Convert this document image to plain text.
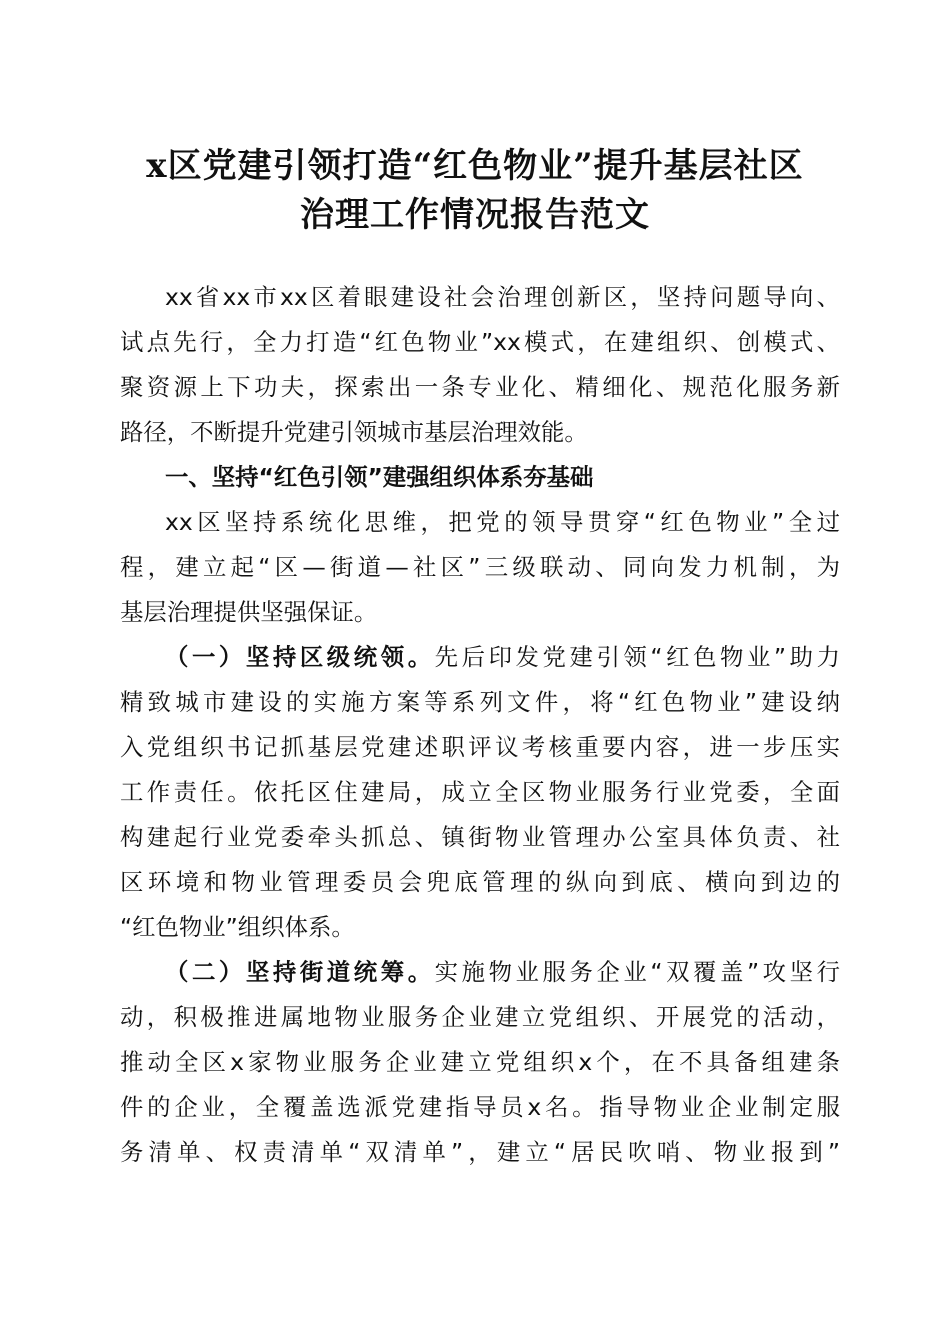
x区党建引领打造“红色物业”提升基层社区
治理工作情况报告范文
xx省xx市xx区着眼建设社会治理创新区，坚持问题导向、
试点先行，全力打造“红色物业”xx模式，在建组织、创模式、
聚资源上下功夫，探索出一条专业化、精细化、规范化服务新
路径，不断提升党建引领城市基层治理效能。
一、坚持“红色引领”建强组织体系夯基础
xx区坚持系统化思维，把党的领导贯穿“红色物业”全过
程，建立起“区—街道—社区”三级联动、同向发力机制，为
基层治理提供坚强保证。
（一）坚持区级统领。先后印发党建引领“红色物业”助力
精致城市建设的实施方案等系列文件，将“红色物业”建设纳
入党组织书记抓基层党建述职评议考核重要内容，进一步压实
工作责任。依托区住建局，成立全区物业服务行业党委，全面
构建起行业党委牵头抓总、镇街物业管理办公室具体负责、社
区环境和物业管理委员会兜底管理的纵向到底、横向到边的
“红色物业”组织体系。
（二）坚持街道统筹。实施物业服务企业“双覆盖”攻坚行
动，积极推进属地物业服务企业建立党组织、开展党的活动，
推动全区x家物业服务企业建立党组织x个，在不具备组建条
件的企业，全覆盖选派党建指导员x名。指导物业企业制定服
务清单、权责清单“双清单”，建立“居民吹哨、物业报到”
